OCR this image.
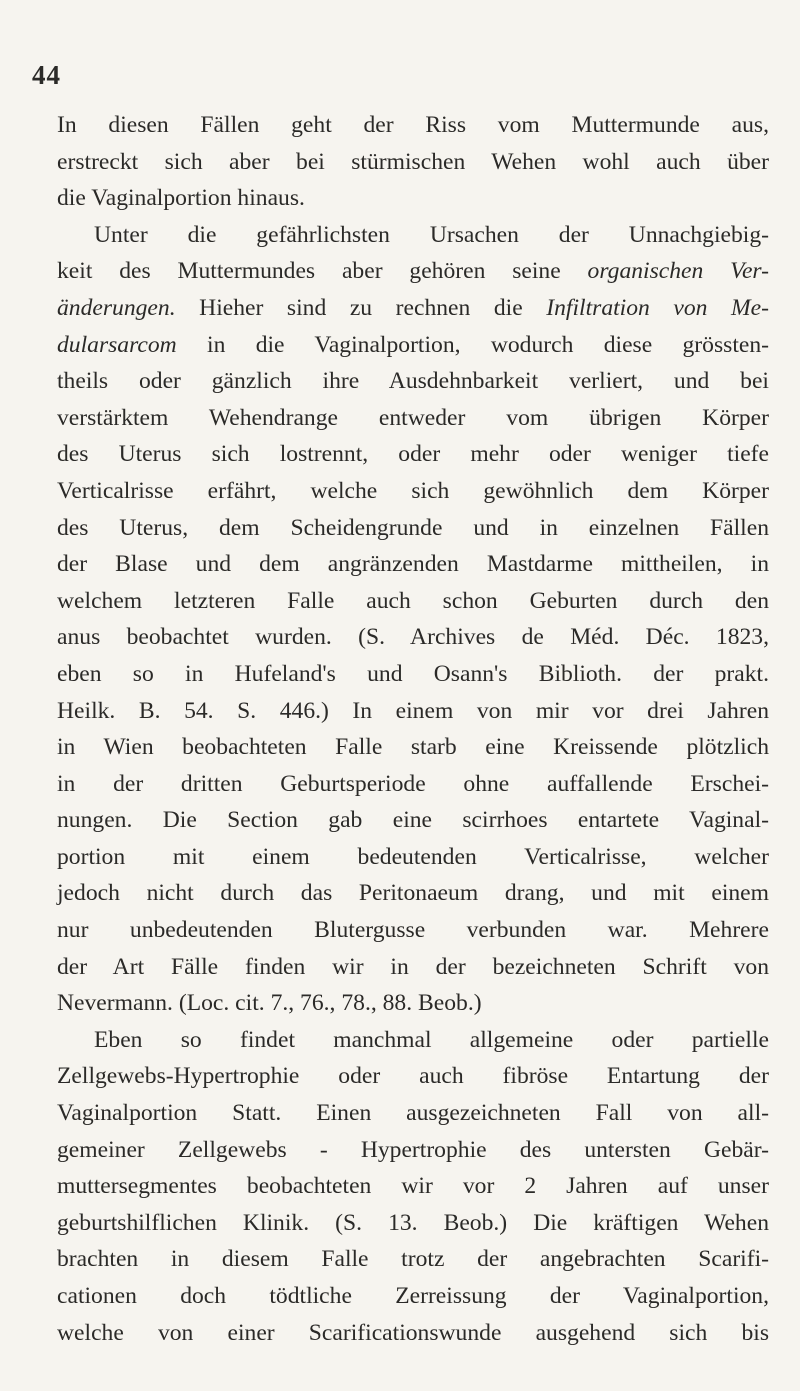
44
In diesen Fällen geht der Riss vom Muttermunde aus,
erstreckt sich aber bei stürmischen Wehen wohl auch über
die Vaginalportion hinaus.
Unter die gefährlichsten Ursachen der Unnachgiebig-
keit des Muttermundes aber gehören seine organischen Ver-
änderungen. Hieher sind zu rechnen die Infiltration von Me-
dularsarcom in die Vaginalportion, wodurch diese grössten-
theils oder gänzlich ihre Ausdehnbarkeit verliert, und bei
verstärktem Wehendrange entweder vom übrigen Körper
des Uterus sich lostrennt, oder mehr oder weniger tiefe
Verticalrisse erfährt, welche sich gewöhnlich dem Körper
des Uterus, dem Scheidengrunde und in einzelnen Fällen
der Blase und dem angränzenden Mastdarme mittheilen, in
welchem letzteren Falle auch schon Geburten durch den
anus beobachtet wurden. (S. Archives de Méd. Déc. 1823,
eben so in Hufeland's und Osann's Biblioth. der prakt.
Heilk. B. 54. S. 446.) In einem von mir vor drei Jahren
in Wien beobachteten Falle starb eine Kreissende plötzlich
in der dritten Geburtsperiode ohne auffallende Erschei-
nungen. Die Section gab eine scirrhoes entartete Vaginal-
portion mit einem bedeutenden Verticalrisse, welcher
jedoch nicht durch das Peritonaeum drang, und mit einem
nur unbedeutenden Blutergusse verbunden war. Mehrere
der Art Fälle finden wir in der bezeichneten Schrift von
Nevermann. (Loc. cit. 7., 76., 78., 88. Beob.)
Eben so findet manchmal allgemeine oder partielle
Zellgewebs-Hypertrophie oder auch fibröse Entartung der
Vaginalportion Statt. Einen ausgezeichneten Fall von all-
gemeiner Zellgewebs - Hypertrophie des untersten Gebär-
muttersegmentes beobachteten wir vor 2 Jahren auf unser
geburtshilflichen Klinik. (S. 13. Beob.) Die kräftigen Wehen
brachten in diesem Falle trotz der angebrachten Scarifi-
cationen doch tödtliche Zerreissung der Vaginalportion,
welche von einer Scarificationswunde ausgehend sich bis
